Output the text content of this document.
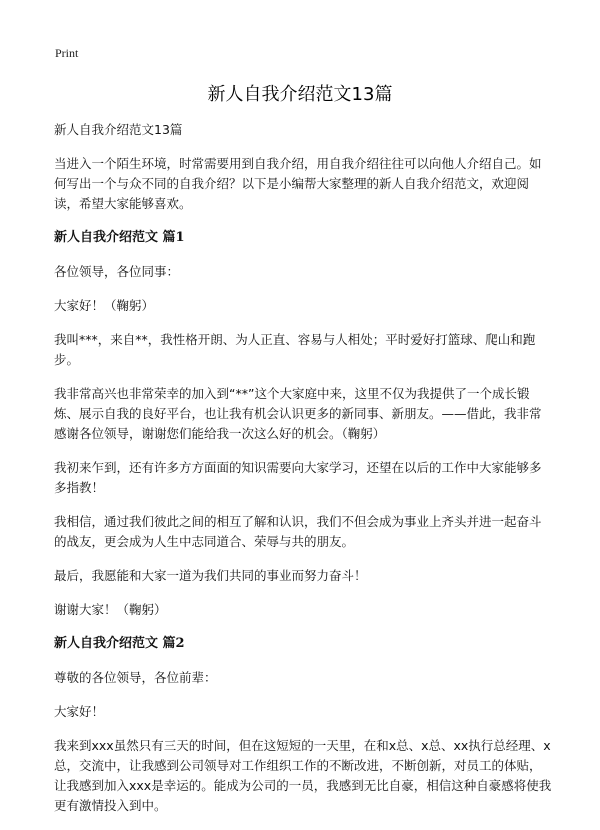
Print
新人自我介绍范文13篇

新人自我介绍范文13篇

当进入一个陌生环境，时常需要用到自我介绍，用自我介绍往往可以向他人介绍自己。如何写出一个与众不同的自我介绍？以下是小编帮大家整理的新人自我介绍范文，欢迎阅读，希望大家能够喜欢。

新人自我介绍范文 篇1

各位领导，各位同事：

大家好！（鞠躬）

我叫***，来自**，我性格开朗、为人正直、容易与人相处；平时爱好打篮球、爬山和跑步。

我非常高兴也非常荣幸的加入到“**”这个大家庭中来，这里不仅为我提供了一个成长锻炼、展示自我的良好平台，也让我有机会认识更多的新同事、新朋友。——借此，我非常感谢各位领导，谢谢您们能给我一次这么好的机会。（鞠躬）

我初来乍到，还有许多方方面面的知识需要向大家学习，还望在以后的工作中大家能够多多指教！

我相信，通过我们彼此之间的相互了解和认识，我们不但会成为事业上齐头并进一起奋斗的战友，更会成为人生中志同道合、荣辱与共的朋友。

最后，我愿能和大家一道为我们共同的事业而努力奋斗！

谢谢大家！（鞠躬）

新人自我介绍范文 篇2

尊敬的各位领导，各位前辈：

大家好！

我来到xxx虽然只有三天的时间，但在这短短的一天里，在和x总、x总、xx执行总经理、x总，交流中，让我感到公司领导对工作组织工作的不断改进，不断创新，对员工的体贴，让我感到加入xxx是幸运的。能成为公司的一员，我感到无比自豪，相信这种自豪感将使我更有激情投入到中。
